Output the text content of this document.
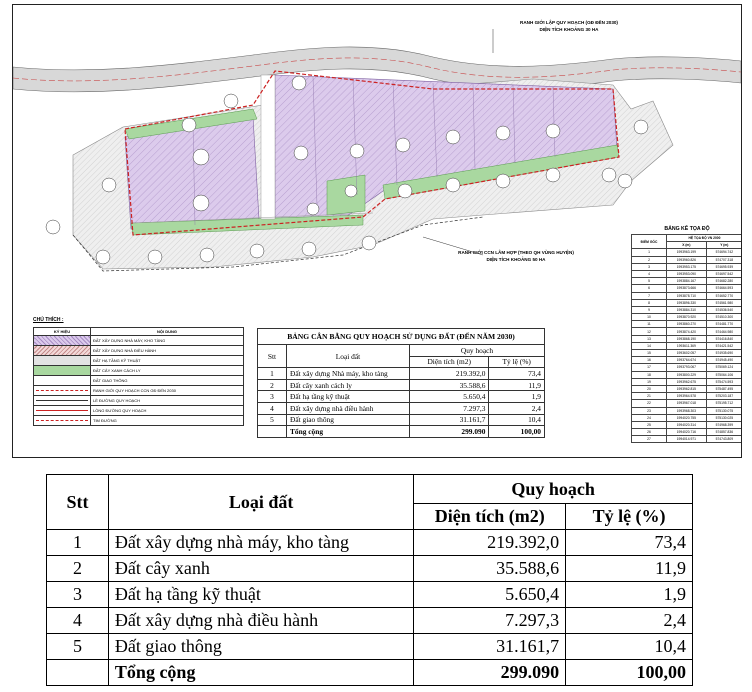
RANH GIỚI LẬP QUY HOẠCH (GĐ ĐẾN 2030)
DIỆN TÍCH KHOẢNG 30 HA
RANH GIỚI CCN LÂM HỢP (THEO QH VÙNG HUYỆN)
DIỆN TÍCH KHOẢNG 50 HA
CHÚ THÍCH :
KÝ HIỆU	NỘI DUNG
	ĐẤT XÂY DỰNG NHÀ MÁY, KHO TÀNG
	ĐẤT XÂY DỰNG NHÀ ĐIỀU HÀNH
	ĐẤT HẠ TẦNG KỸ THUẬT
	ĐẤT CÂY XANH CÁCH LY
	ĐẤT GIAO THÔNG

	RANH GIỚI QUY HOẠCH CCN GĐ ĐẾN 2030

	LỀ ĐƯỜNG QUY HOẠCH

	LÒNG ĐƯỜNG QUY HOẠCH

	TIM ĐƯỜNG
BẢNG CÂN BẰNG QUY HOẠCH SỬ DỤNG ĐẤT (ĐẾN NĂM 2030)
Stt	Loại đất	Quy hoạch	
		Diện tích (m2)	Tỷ lệ (%)
1	Đất xây dựng Nhà máy, kho tàng	219.392,0	73,4
2	Đất cây xanh cách ly	35.588,6	11,9
3	Đất hạ tầng kỹ thuật	5.650,4	1,9
4	Đất xây dựng nhà điều hành	7.297,3	2,4
5	Đất giao thông	31.161,7	10,4
	Tổng cộng	299.090	100,00
BẢNG KÊ TỌA ĐỘ
ĐIỂM GÓC	HỆ TỌA ĐỘ VN 2000	
	X (m)	Y (m)
1	1993963.199	574694.742
2	1993960.826	574707.318
3	1993953.175	574695.939
4	1993953.090	574697.542
5	1993884.167	574682.280
6	1993873.666	574664.593
7	1993878.710	574652.770
8	1993896.330	574561.980
9	1993884.310	574536.540
10	1993870.920	574510.300
11	1993860.270	574481.770
12	1993874.420	574464.980
13	1993868.190	574416.840
14	1993611.369	574421.542
15	1993602.057	574935.690
16	1993764.674	574945.490
17	1993793.067	575069.124
18	1993800.229	575064.106
19	1993962.675	575474.593
20	1993962.815	575487.495
21	1993964.578	575203.187
22	1993967.018	575195.712
23	1993968.303	575130.075
24	1994020.755	575130.025
25	1994020.314	574968.399
26	1994020.716	574857.836
27	1994014.971	574743.809
Stt	Loại đất	Quy hoạch	
		Diện tích (m2)	Tỷ lệ (%)
1	Đất xây dựng nhà máy, kho tàng	219.392,0	73,4
2	Đất cây xanh	35.588,6	11,9
3	Đất hạ tầng kỹ thuật	5.650,4	1,9
4	Đất xây dựng nhà điều hành	7.297,3	2,4
5	Đất giao thông	31.161,7	10,4
	Tổng cộng	299.090	100,00
